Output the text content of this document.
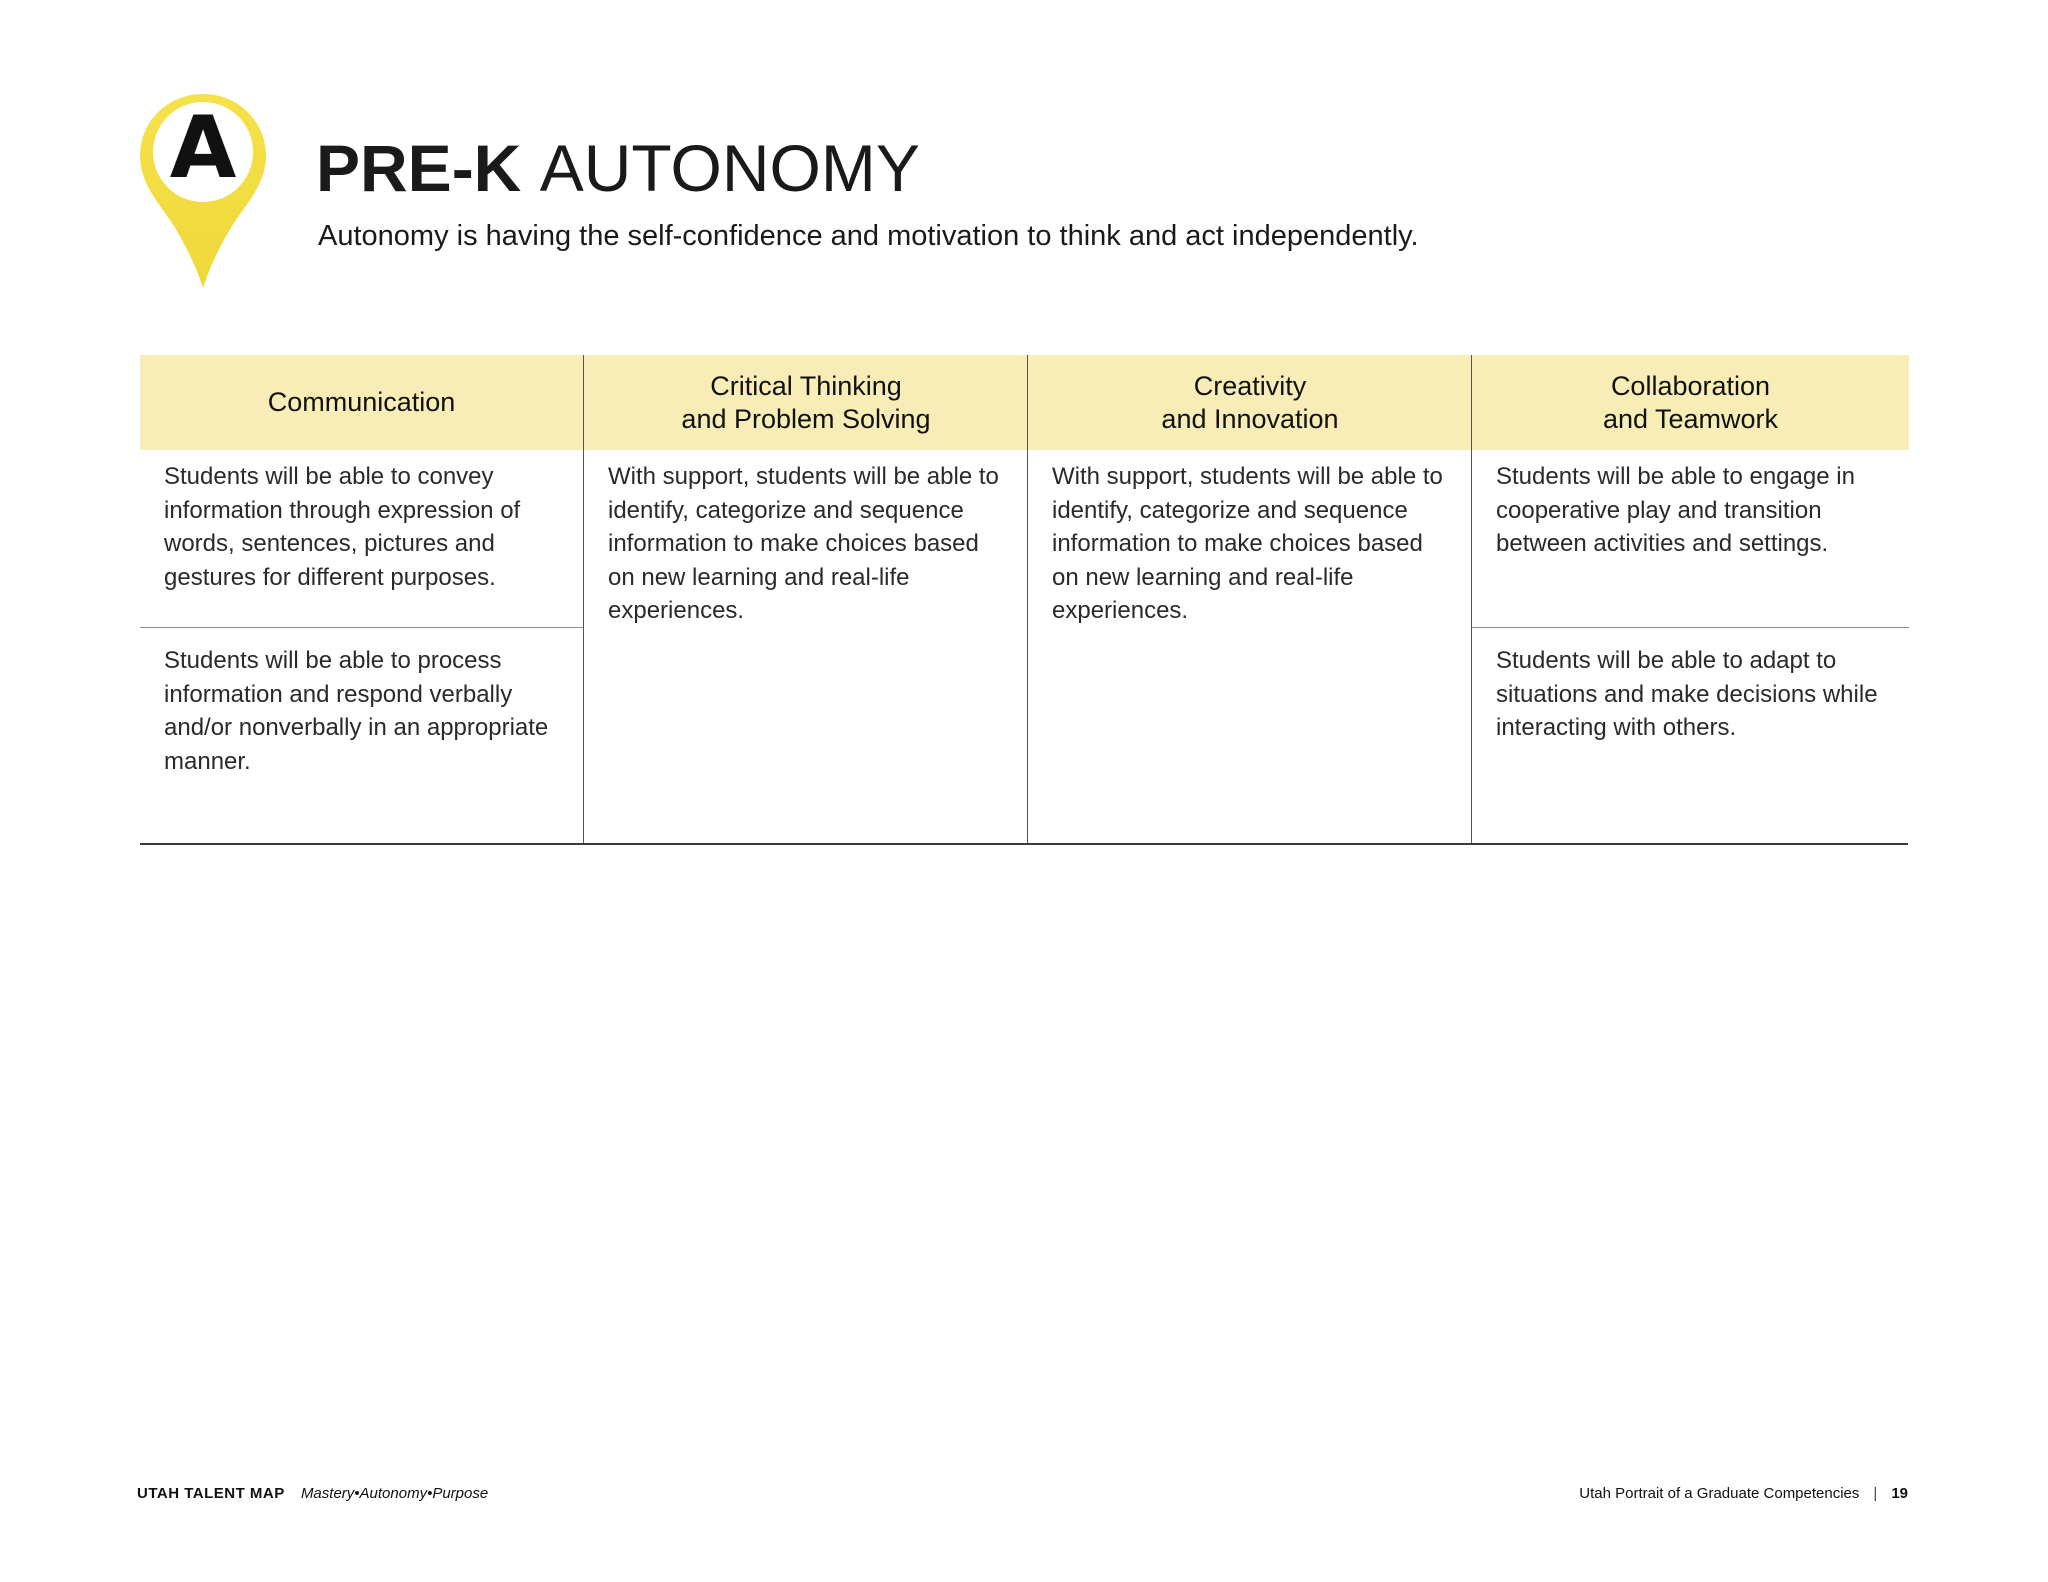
A	PRE-K AUTONOMY
Autonomy is having the self-confidence and motivation to think and act independently.
Communication
Students will be able to convey information through expression of words, sentences, pictures and gestures for different purposes.
Students will be able to process information and respond verbally and/or nonverbally in an appropriate manner.
Critical Thinking
and Problem Solving
With support, students will be able to identify, categorize and sequence information to make choices based on new learning and real-life experiences.
Creativity
and Innovation
With support, students will be able to identify, categorize and sequence information to make choices based on new learning and real-life experiences.
Collaboration
and Teamwork
Students will be able to engage in cooperative play and transition between activities and settings.
Students will be able to adapt to situations and make decisions while interacting with others.
UTAH TALENT MAP Mastery•Autonomy•Purpose	Utah Portrait of a Graduate Competencies | 19
